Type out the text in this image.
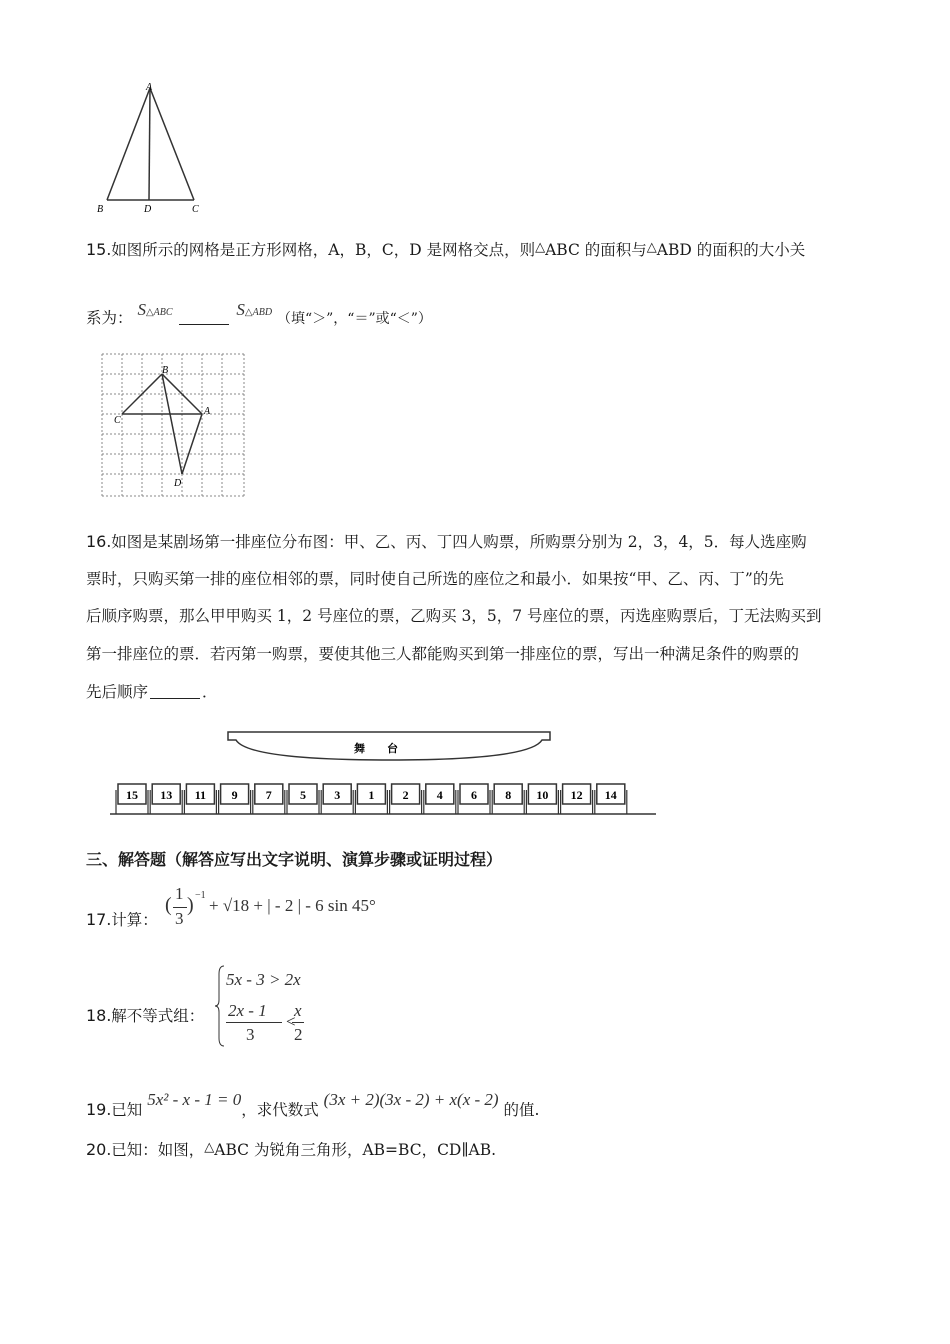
A
B	D	C
15.如图所示的网格是正方形网格，A，B，C，D 是网格交点，则△ABC 的面积与△ABD 的面积的大小关
系为： S△ABC	S△ABD （填“＞”，“＝”或“＜”）
B
C
A
D
16.如图是某剧场第一排座位分布图：甲、乙、丙、丁四人购票，所购票分别为 2，3，4，5．每人选座购
票时，只购买第一排的座位相邻的票，同时使自己所选的座位之和最小．如果按“甲、乙、丙、丁”的先
后顺序购票，那么甲甲购买 1，2 号座位的票，乙购买 3，5，7 号座位的票，丙选座购票后，丁无法购买到
第一排座位的票．若丙第一购票，要使其他三人都能购买到第一排座位的票，写出一种满足条件的购票的
先后顺序	．
舞　　台
15 13 11 9 7 5 3 1 2 4 6 8 10 12 14
三、解答题（解答应写出文字说明、演算步骤或证明过程）
17.计算：
(
1
3
) −1
+ √18 + | - 2 | - 6 sin 45°
18.解不等式组：
5x - 3 > 2x
2x - 1
3
<
x
2
19.已知 5x² - x - 1 = 0，求代数式 (3x + 2)(3x - 2) + x(x - 2) 的值.
20.已知：如图，△ABC 为锐角三角形，AB=BC，CD∥AB.
